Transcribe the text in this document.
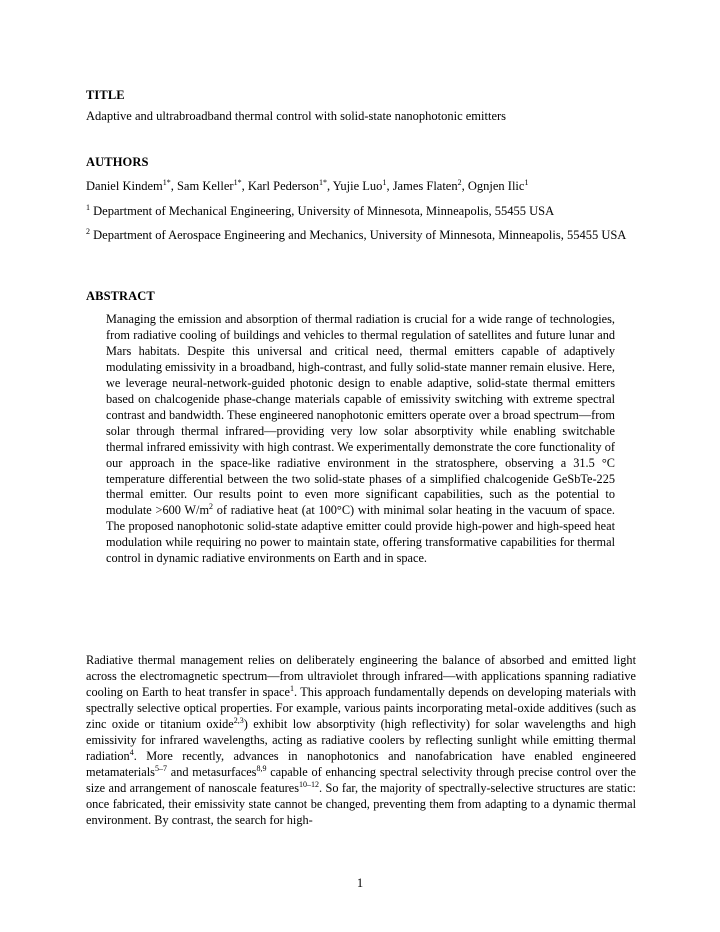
TITLE
Adaptive and ultrabroadband thermal control with solid-state nanophotonic emitters
AUTHORS
Daniel Kindem$^{1*}$, Sam Keller$^{1*}$, Karl Pederson$^{1*}$, Yujie Luo$^1$, James Flaten$^2$, Ognjen Ilic$^1$
$^1$ Department of Mechanical Engineering, University of Minnesota, Minneapolis, 55455 USA
$^2$ Department of Aerospace Engineering and Mechanics, University of Minnesota, Minneapolis, 55455 USA
ABSTRACT
Managing the emission and absorption of thermal radiation is crucial for a wide range of technologies, from radiative cooling of buildings and vehicles to thermal regulation of satellites and future lunar and Mars habitats. Despite this universal and critical need, thermal emitters capable of adaptively modulating emissivity in a broadband, high-contrast, and fully solid-state manner remain elusive. Here, we leverage neural-network-guided photonic design to enable adaptive, solid-state thermal emitters based on chalcogenide phase-change materials capable of emissivity switching with extreme spectral contrast and bandwidth. These engineered nanophotonic emitters operate over a broad spectrum—from solar through thermal infrared—providing very low solar absorptivity while enabling switchable thermal infrared emissivity with high contrast. We experimentally demonstrate the core functionality of our approach in the space-like radiative environment in the stratosphere, observing a 31.5 °C temperature differential between the two solid-state phases of a simplified chalcogenide GeSbTe-225 thermal emitter. Our results point to even more significant capabilities, such as the potential to modulate >600 $W/m^2$ of radiative heat (at 100°C) with minimal solar heating in the vacuum of space. The proposed nanophotonic solid-state adaptive emitter could provide high-power and high-speed heat modulation while requiring no power to maintain state, offering transformative capabilities for thermal control in dynamic radiative environments on Earth and in space.
Radiative thermal management relies on deliberately engineering the balance of absorbed and emitted light across the electromagnetic spectrum—from ultraviolet through infrared—with applications spanning radiative cooling on Earth to heat transfer in space$^1$. This approach fundamentally depends on developing materials with spectrally selective optical properties. For example, various paints incorporating metal-oxide additives (such as zinc oxide or titanium oxide$^{2,3}$) exhibit low absorptivity (high reflectivity) for solar wavelengths and high emissivity for infrared wavelengths, acting as radiative coolers by reflecting sunlight while emitting thermal radiation$^4$. More recently, advances in nanophotonics and nanofabrication have enabled engineered metamaterials$^{5-7}$ and metasurfaces$^{8,9}$ capable of enhancing spectral selectivity through precise control over the size and arrangement of nanoscale features$^{10-12}$. So far, the majority of spectrally-selective structures are static: once fabricated, their emissivity state cannot be changed, preventing them from adapting to a dynamic thermal environment. By contrast, the search for high-
1
